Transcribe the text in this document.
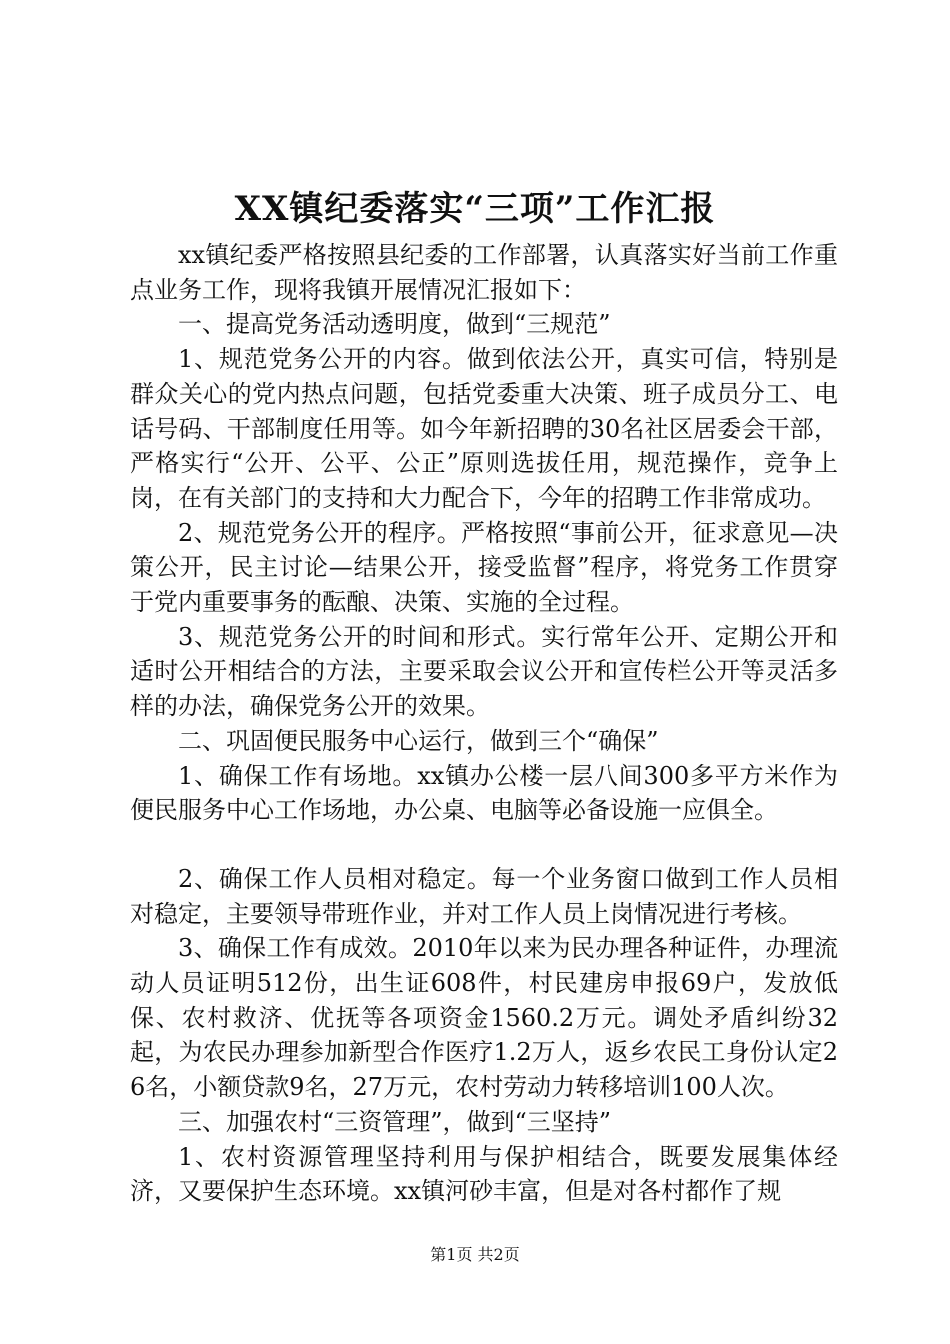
XX镇纪委落实“三项”工作汇报

xx镇纪委严格按照县纪委的工作部署，认真落实好当前工作重点业务工作，现将我镇开展情况汇报如下：

一、提高党务活动透明度，做到“三规范”

1、规范党务公开的内容。做到依法公开，真实可信，特别是群众关心的党内热点问题，包括党委重大决策、班子成员分工、电话号码、干部制度任用等。如今年新招聘的30名社区居委会干部，严格实行“公开、公平、公正”原则选拔任用，规范操作，竞争上岗，在有关部门的支持和大力配合下，今年的招聘工作非常成功。

2、规范党务公开的程序。严格按照“事前公开，征求意见—决策公开，民主讨论—结果公开，接受监督”程序，将党务工作贯穿于党内重要事务的酝酿、决策、实施的全过程。

3、规范党务公开的时间和形式。实行常年公开、定期公开和适时公开相结合的方法，主要采取会议公开和宣传栏公开等灵活多样的办法，确保党务公开的效果。

二、巩固便民服务中心运行，做到三个“确保”

1、确保工作有场地。xx镇办公楼一层八间300多平方米作为便民服务中心工作场地，办公桌、电脑等必备设施一应俱全。

2、确保工作人员相对稳定。每一个业务窗口做到工作人员相对稳定，主要领导带班作业，并对工作人员上岗情况进行考核。

3、确保工作有成效。2010年以来为民办理各种证件，办理流动人员证明512份，出生证608件，村民建房申报69户，发放低保、农村救济、优抚等各项资金1560.2万元。调处矛盾纠纷32起，为农民办理参加新型合作医疗1.2万人，返乡农民工身份认定26名，小额贷款9名，27万元，农村劳动力转移培训100人次。

三、加强农村“三资管理”，做到“三坚持”

1、农村资源管理坚持利用与保护相结合，既要发展集体经济，又要保护生态环境。xx镇河砂丰富，但是对各村都作了规

第1页 共2页
